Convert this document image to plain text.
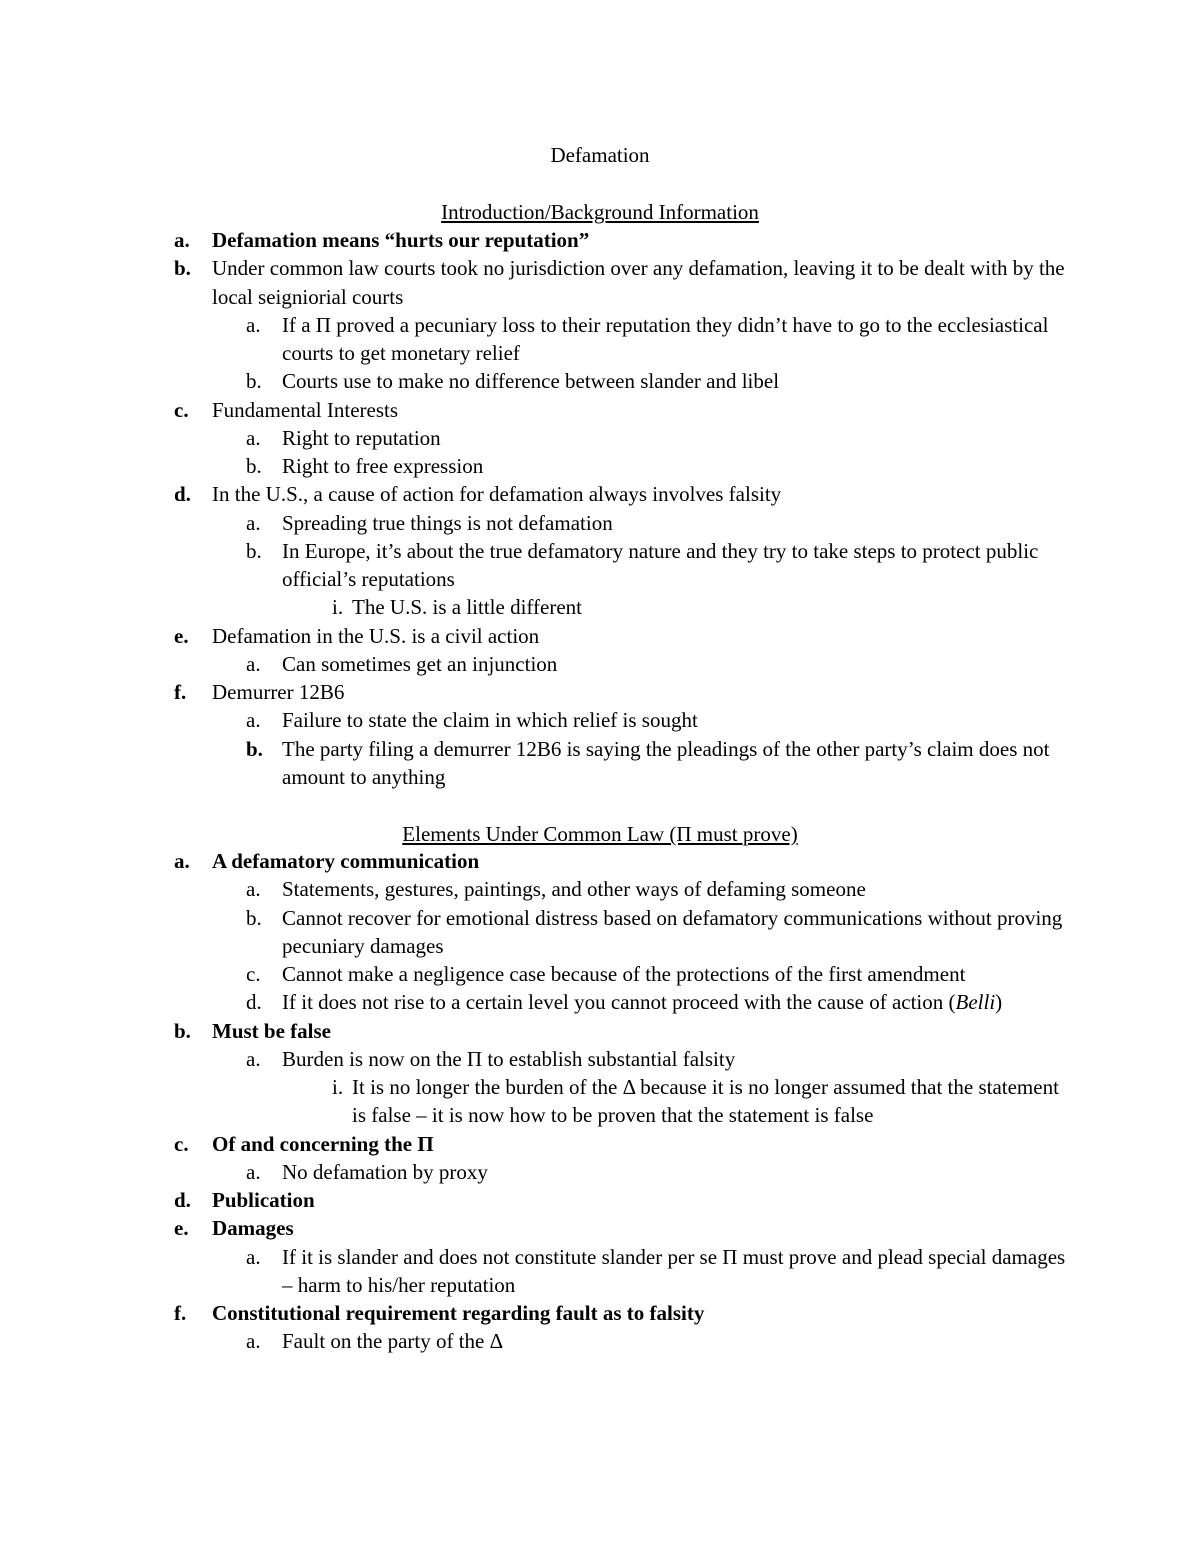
Defamation
Introduction/Background Information
a. Defamation means “hurts our reputation”
b. Under common law courts took no jurisdiction over any defamation, leaving it to be dealt with by the local seigniorial courts
a. If a Π proved a pecuniary loss to their reputation they didn’t have to go to the ecclesiastical courts to get monetary relief
b. Courts use to make no difference between slander and libel
c. Fundamental Interests
a. Right to reputation
b. Right to free expression
d. In the U.S., a cause of action for defamation always involves falsity
a. Spreading true things is not defamation
b. In Europe, it’s about the true defamatory nature and they try to take steps to protect public official’s reputations
i. The U.S. is a little different
e. Defamation in the U.S. is a civil action
a. Can sometimes get an injunction
f. Demurrer 12B6
a. Failure to state the claim in which relief is sought
b. The party filing a demurrer 12B6 is saying the pleadings of the other party’s claim does not amount to anything
Elements Under Common Law (Π must prove)
a. A defamatory communication
a. Statements, gestures, paintings, and other ways of defaming someone
b. Cannot recover for emotional distress based on defamatory communications without proving pecuniary damages
c. Cannot make a negligence case because of the protections of the first amendment
d. If it does not rise to a certain level you cannot proceed with the cause of action (Belli)
b. Must be false
a. Burden is now on the Π to establish substantial falsity
i. It is no longer the burden of the Δ because it is no longer assumed that the statement is false – it is now how to be proven that the statement is false
c. Of and concerning the Π
a. No defamation by proxy
d. Publication
e. Damages
a. If it is slander and does not constitute slander per se Π must prove and plead special damages – harm to his/her reputation
f. Constitutional requirement regarding fault as to falsity
a. Fault on the party of the Δ
